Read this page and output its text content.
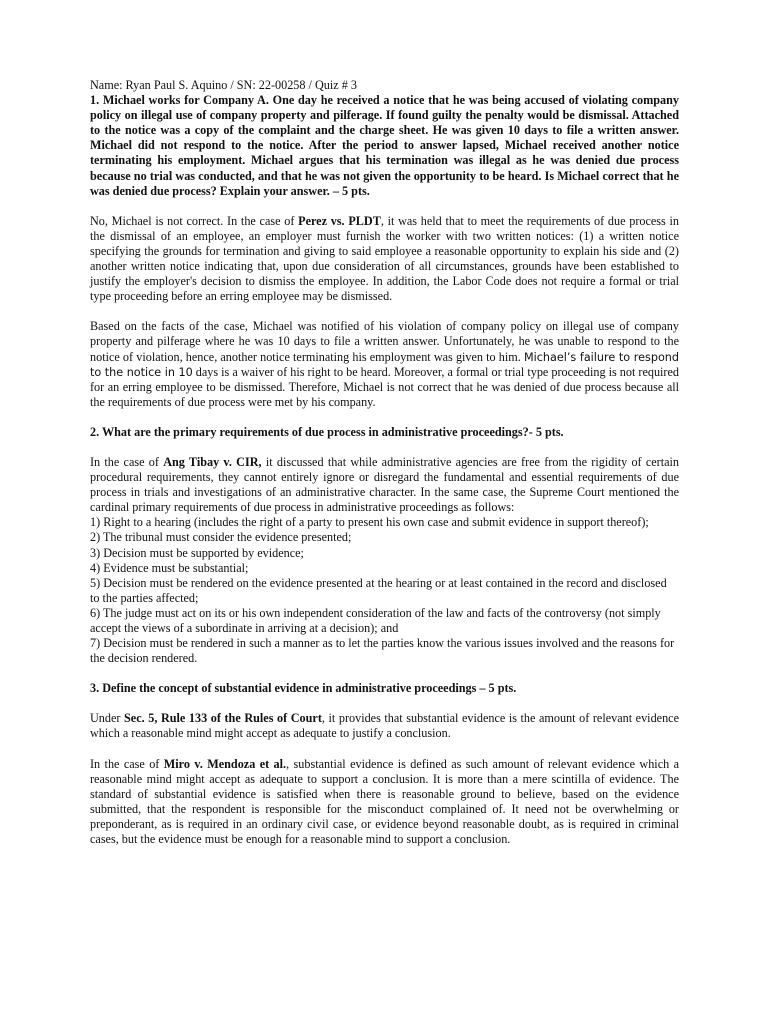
Name: Ryan Paul S. Aquino / SN: 22-00258 / Quiz # 3

1. Michael works for Company A. One day he received a notice that he was being accused of violating company policy on illegal use of company property and pilferage. If found guilty the penalty would be dismissal. Attached to the notice was a copy of the complaint and the charge sheet. He was given 10 days to file a written answer. Michael did not respond to the notice. After the period to answer lapsed, Michael received another notice terminating his employment. Michael argues that his termination was illegal as he was denied due process because no trial was conducted, and that he was not given the opportunity to be heard. Is Michael correct that he was denied due process? Explain your answer. – 5 pts.

No, Michael is not correct. In the case of Perez vs. PLDT, it was held that to meet the requirements of due process in the dismissal of an employee, an employer must furnish the worker with two written notices: (1) a written notice specifying the grounds for termination and giving to said employee a reasonable opportunity to explain his side and (2) another written notice indicating that, upon due consideration of all circumstances, grounds have been established to justify the employer's decision to dismiss the employee. In addition, the Labor Code does not require a formal or trial type proceeding before an erring employee may be dismissed.

Based on the facts of the case, Michael was notified of his violation of company policy on illegal use of company property and pilferage where he was 10 days to file a written answer. Unfortunately, he was unable to respond to the notice of violation, hence, another notice terminating his employment was given to him. Michael’s failure to respond to the notice in 10 days is a waiver of his right to be heard. Moreover, a formal or trial type proceeding is not required for an erring employee to be dismissed. Therefore, Michael is not correct that he was denied of due process because all the requirements of due process were met by his company.

2. What are the primary requirements of due process in administrative proceedings?- 5 pts.

In the case of Ang Tibay v. CIR, it discussed that while administrative agencies are free from the rigidity of certain procedural requirements, they cannot entirely ignore or disregard the fundamental and essential requirements of due process in trials and investigations of an administrative character. In the same case, the Supreme Court mentioned the cardinal primary requirements of due process in administrative proceedings as follows:

1) Right to a hearing (includes the right of a party to present his own case and submit evidence in support thereof);
2) The tribunal must consider the evidence presented;
3) Decision must be supported by evidence;
4) Evidence must be substantial;
5) Decision must be rendered on the evidence presented at the hearing or at least contained in the record and disclosed to the parties affected;
6) The judge must act on its or his own independent consideration of the law and facts of the controversy (not simply accept the views of a subordinate in arriving at a decision); and
7) Decision must be rendered in such a manner as to let the parties know the various issues involved and the reasons for the decision rendered.

3. Define the concept of substantial evidence in administrative proceedings – 5 pts.

Under Sec. 5, Rule 133 of the Rules of Court, it provides that substantial evidence is the amount of relevant evidence which a reasonable mind might accept as adequate to justify a conclusion.

In the case of Miro v. Mendoza et al., substantial evidence is defined as such amount of relevant evidence which a reasonable mind might accept as adequate to support a conclusion. It is more than a mere scintilla of evidence. The standard of substantial evidence is satisfied when there is reasonable ground to believe, based on the evidence submitted, that the respondent is responsible for the misconduct complained of. It need not be overwhelming or preponderant, as is required in an ordinary civil case, or evidence beyond reasonable doubt, as is required in criminal cases, but the evidence must be enough for a reasonable mind to support a conclusion.
